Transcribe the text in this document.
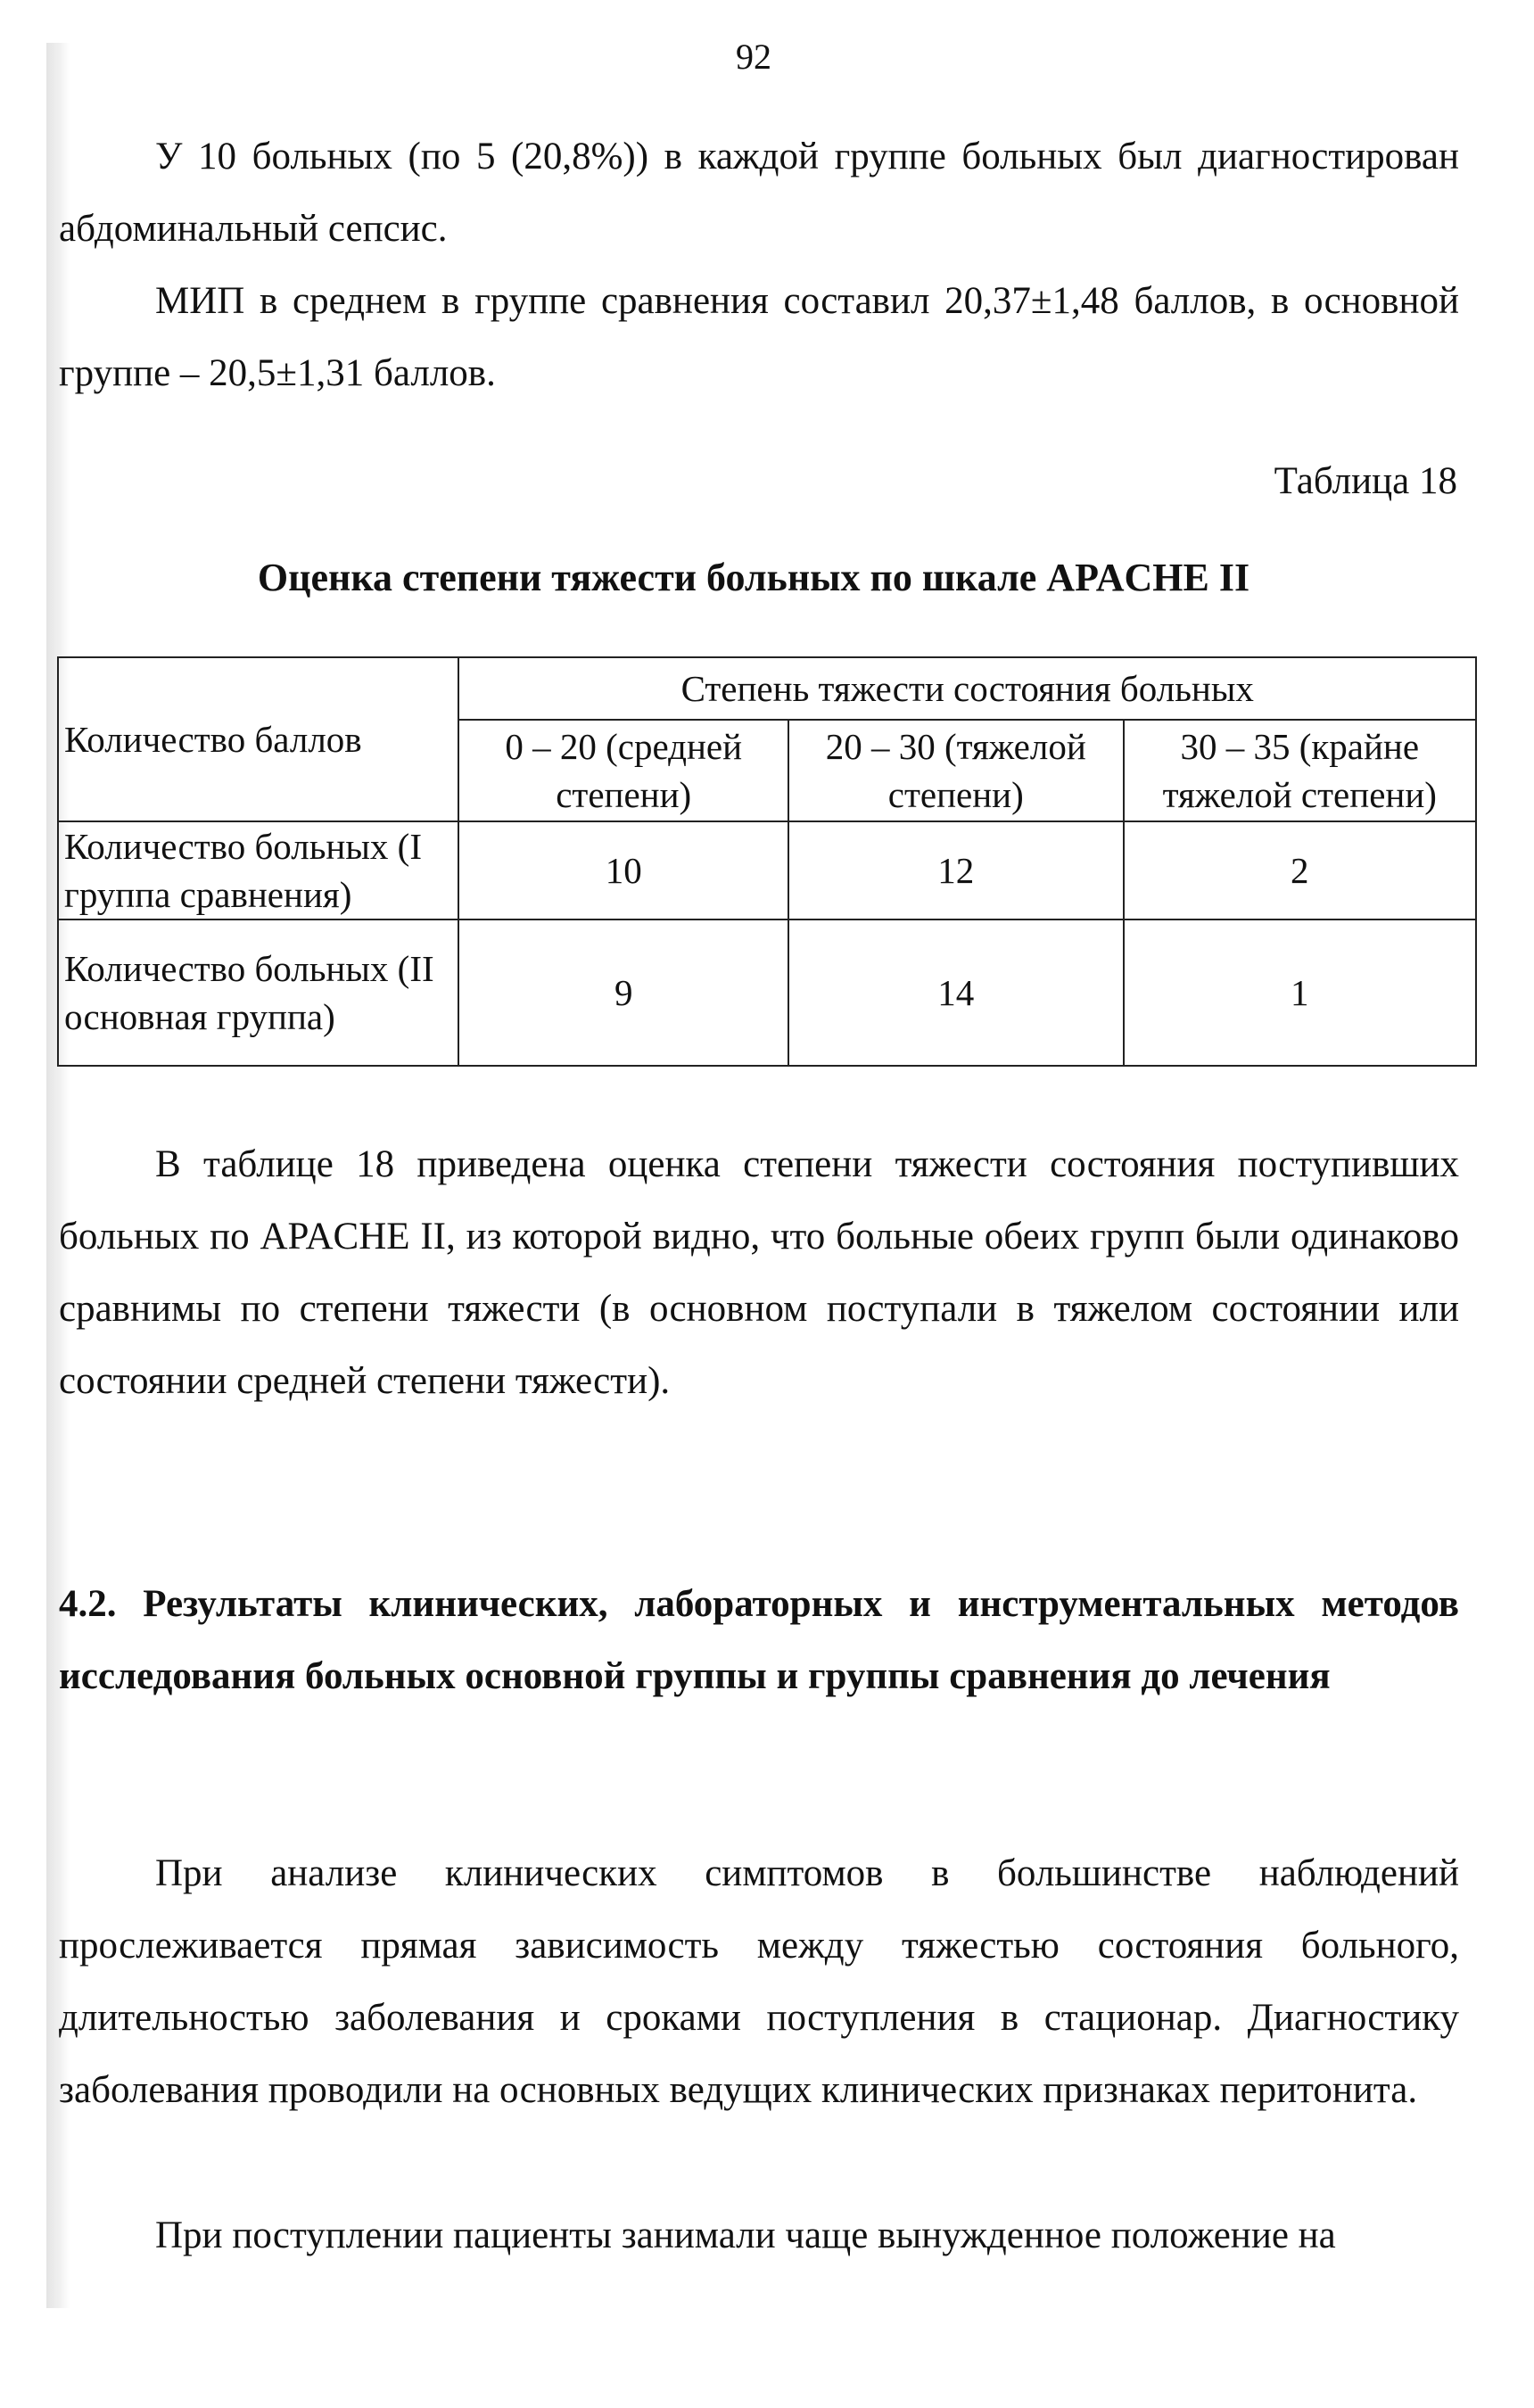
92

У 10 больных (по 5 (20,8%)) в каждой группе больных был диагностирован абдоминальный сепсис.

МИП в среднем в группе сравнения составил 20,37±1,48 баллов, в основной группе – 20,5±1,31 баллов.

Таблица 18
Оценка степени тяжести больных по шкале APACHE II
Количество баллов	Степень тяжести состояния больных		
	0 – 20 (средней степени)	20 – 30 (тяжелой степени)	30 – 35 (крайне тяжелой степени)
Количество больных (I группа сравнения)	10	12	2
Количество больных (II основная группа)	9	14	1

В таблице 18 приведена оценка степени тяжести состояния поступивших больных по APACHE II, из которой видно, что больные обеих групп были одинаково сравнимы по степени тяжести (в основном поступали в тяжелом состоянии или состоянии средней степени тяжести).

4.2. Результаты клинических, лабораторных и инструментальных методов исследования больных основной группы и группы сравнения до лечения

При анализе клинических симптомов в большинстве наблюдений прослеживается прямая зависимость между тяжестью состояния больного, длительностью заболевания и сроками поступления в стационар. Диагностику заболевания проводили на основных ведущих клинических признаках перитонита.

При поступлении пациенты занимали чаще вынужденное положение на
